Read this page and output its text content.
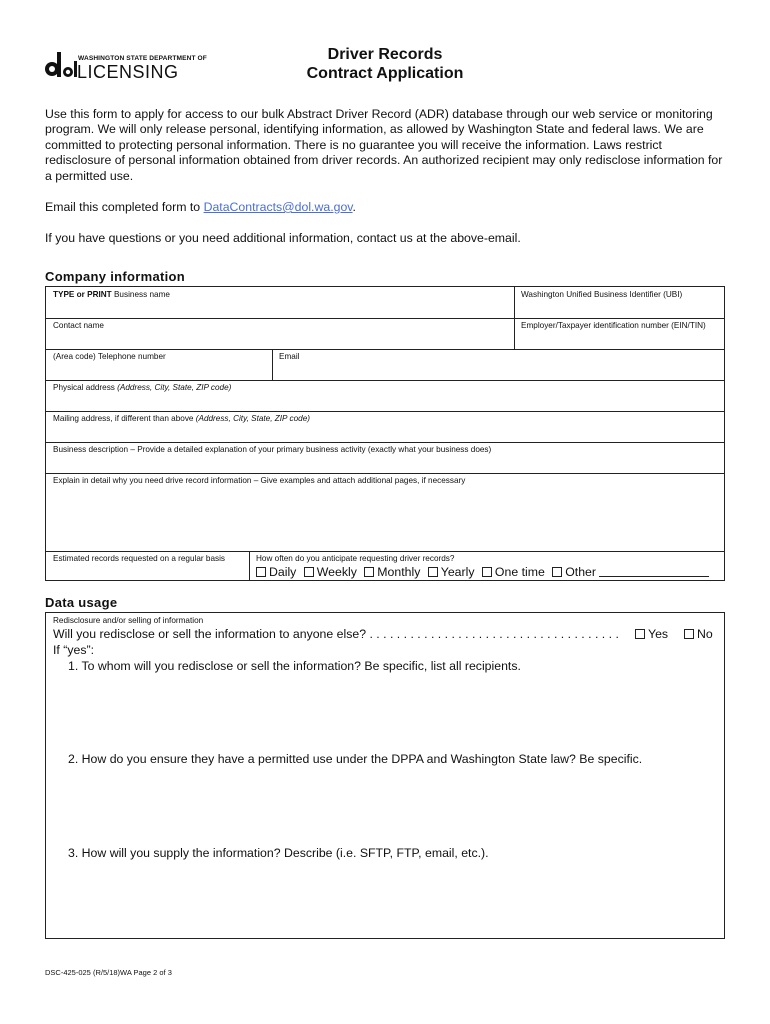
WASHINGTON STATE DEPARTMENT OF
LICENSING
Driver Records
Contract Application
Use this form to apply for access to our bulk Abstract Driver Record (ADR) database through our web service or monitoring program. We will only release personal, identifying information, as allowed by Washington State and federal laws. We are committed to protecting personal information. There is no guarantee you will receive the information. Laws restrict redisclosure of personal information obtained from driver records. An authorized recipient may only redisclose information for a permitted use.
Email this completed form to DataContracts@dol.wa.gov.
If you have questions or you need additional information, contact us at the above-email.
Company information
TYPE or PRINT Business name	Washington Unified Business Identifier (UBI)
Contact name	Employer/Taxpayer identification number (EIN/TIN)
(Area code) Telephone number	Email
Physical address (Address, City, State, ZIP code)
Mailing address, if different than above (Address, City, State, ZIP code)
Business description – Provide a detailed explanation of your primary business activity (exactly what your business does)
Explain in detail why you need drive record information – Give examples and attach additional pages, if necessary
Estimated records requested on a regular basis	How often do you anticipate requesting driver records?
Daily Weekly Monthly Yearly One time Other
Data usage
Redisclosure and/or selling of information
Will you redisclose or sell the information to anyone else? . . . . . . . . . . . . . . . . . . . . . . . . . . . . . . . . . . . . .	Yes	No
If “yes”:
1. To whom will you redisclose or sell the information? Be specific, list all recipients.
2. How do you ensure they have a permitted use under the DPPA and Washington State law? Be specific.
3. How will you supply the information? Describe (i.e. SFTP, FTP, email, etc.).
DSC-425-025 (R/5/18)WA Page 2 of 3
